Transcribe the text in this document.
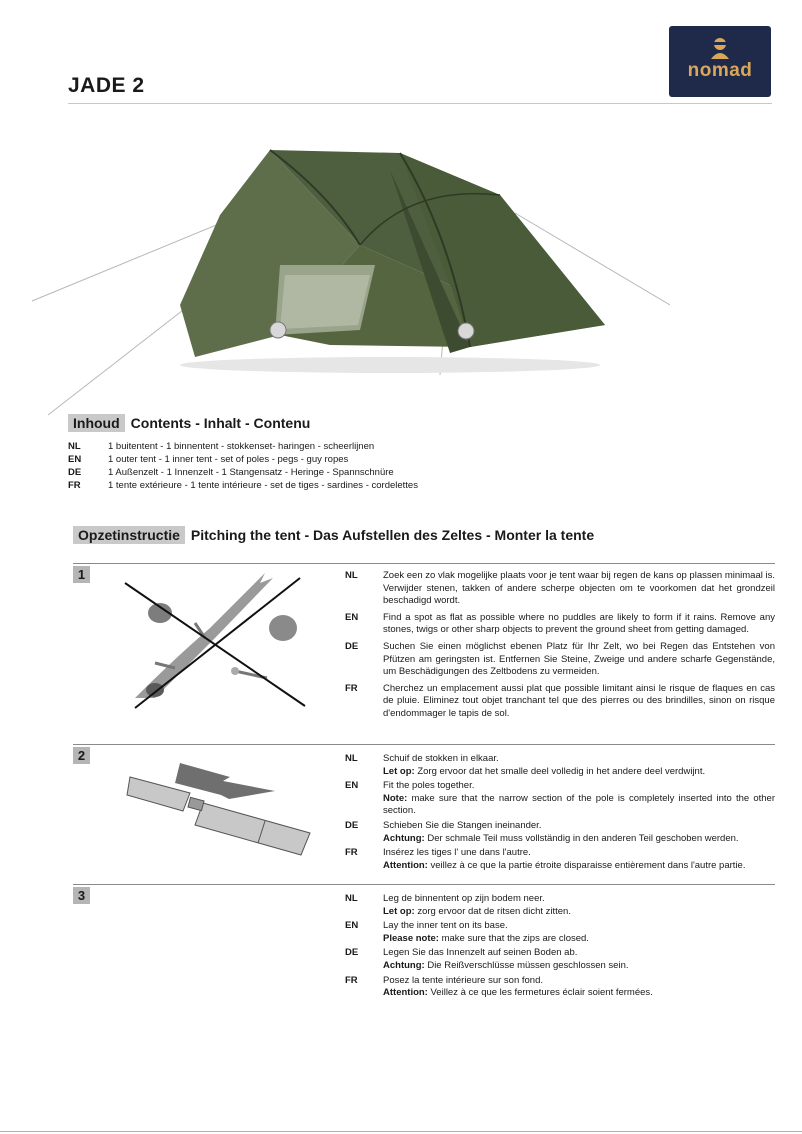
JADE 2
nomad
Inhoud Contents - Inhalt - Contenu
NL	1 buitentent - 1 binnentent - stokkenset- haringen - scheerlijnen
EN	1 outer tent - 1 inner tent - set of poles - pegs - guy ropes
DE	1 Außenzelt - 1 Innenzelt - 1 Stangensatz - Heringe - Spannschnüre
FR	1 tente extérieure - 1 tente intérieure - set de tiges - sardines - cordelettes
Opzetinstructie Pitching the tent - Das Aufstellen des Zeltes - Monter la tente
1	NL	Zoek een zo vlak mogelijke plaats voor je tent waar bij regen de kans op plassen minimaal is. Verwijder stenen, takken of andere scherpe objecten om te voorkomen dat het grondzeil beschadigd wordt.
EN	Find a spot as flat as possible where no puddles are likely to form if it rains. Remove any stones, twigs or other sharp objects to prevent the ground sheet from getting damaged.
DE	Suchen Sie einen möglichst ebenen Platz für Ihr Zelt, wo bei Regen das Entstehen von Pfützen am geringsten ist. Entfernen Sie Steine, Zweige und andere scharfe Gegenstände, um Beschädigungen des Zeltbodens zu vermeiden.
FR	Cherchez un emplacement aussi plat que possible limitant ainsi le risque de flaques en cas de pluie. Eliminez tout objet tranchant tel que des pierres ou des brindilles, sinon on risque d'endommager le tapis de sol.
2	NL	Schuif de stokken in elkaar.
Let op: Zorg ervoor dat het smalle deel volledig in het andere deel verdwijnt.
EN	Fit the poles together.
Note: make sure that the narrow section of the pole is completely inserted into the other section.
DE	Schieben Sie die Stangen ineinander.
Achtung: Der schmale Teil muss vollständig in den anderen Teil geschoben werden.
FR	Insérez les tiges l' une dans l'autre.
Attention: veillez à ce que la partie étroite disparaisse entièrement dans l'autre partie.
3	NL	Leg de binnentent op zijn bodem neer.
Let op: zorg ervoor dat de ritsen dicht zitten.
EN	Lay the inner tent on its base.
Please note: make sure that the zips are closed.
DE	Legen Sie das Innenzelt auf seinen Boden ab.
Achtung: Die Reißverschlüsse müssen geschlossen sein.
FR	Posez la tente intérieure sur son fond.
Attention: Veillez à ce que les fermetures éclair soient fermées.
